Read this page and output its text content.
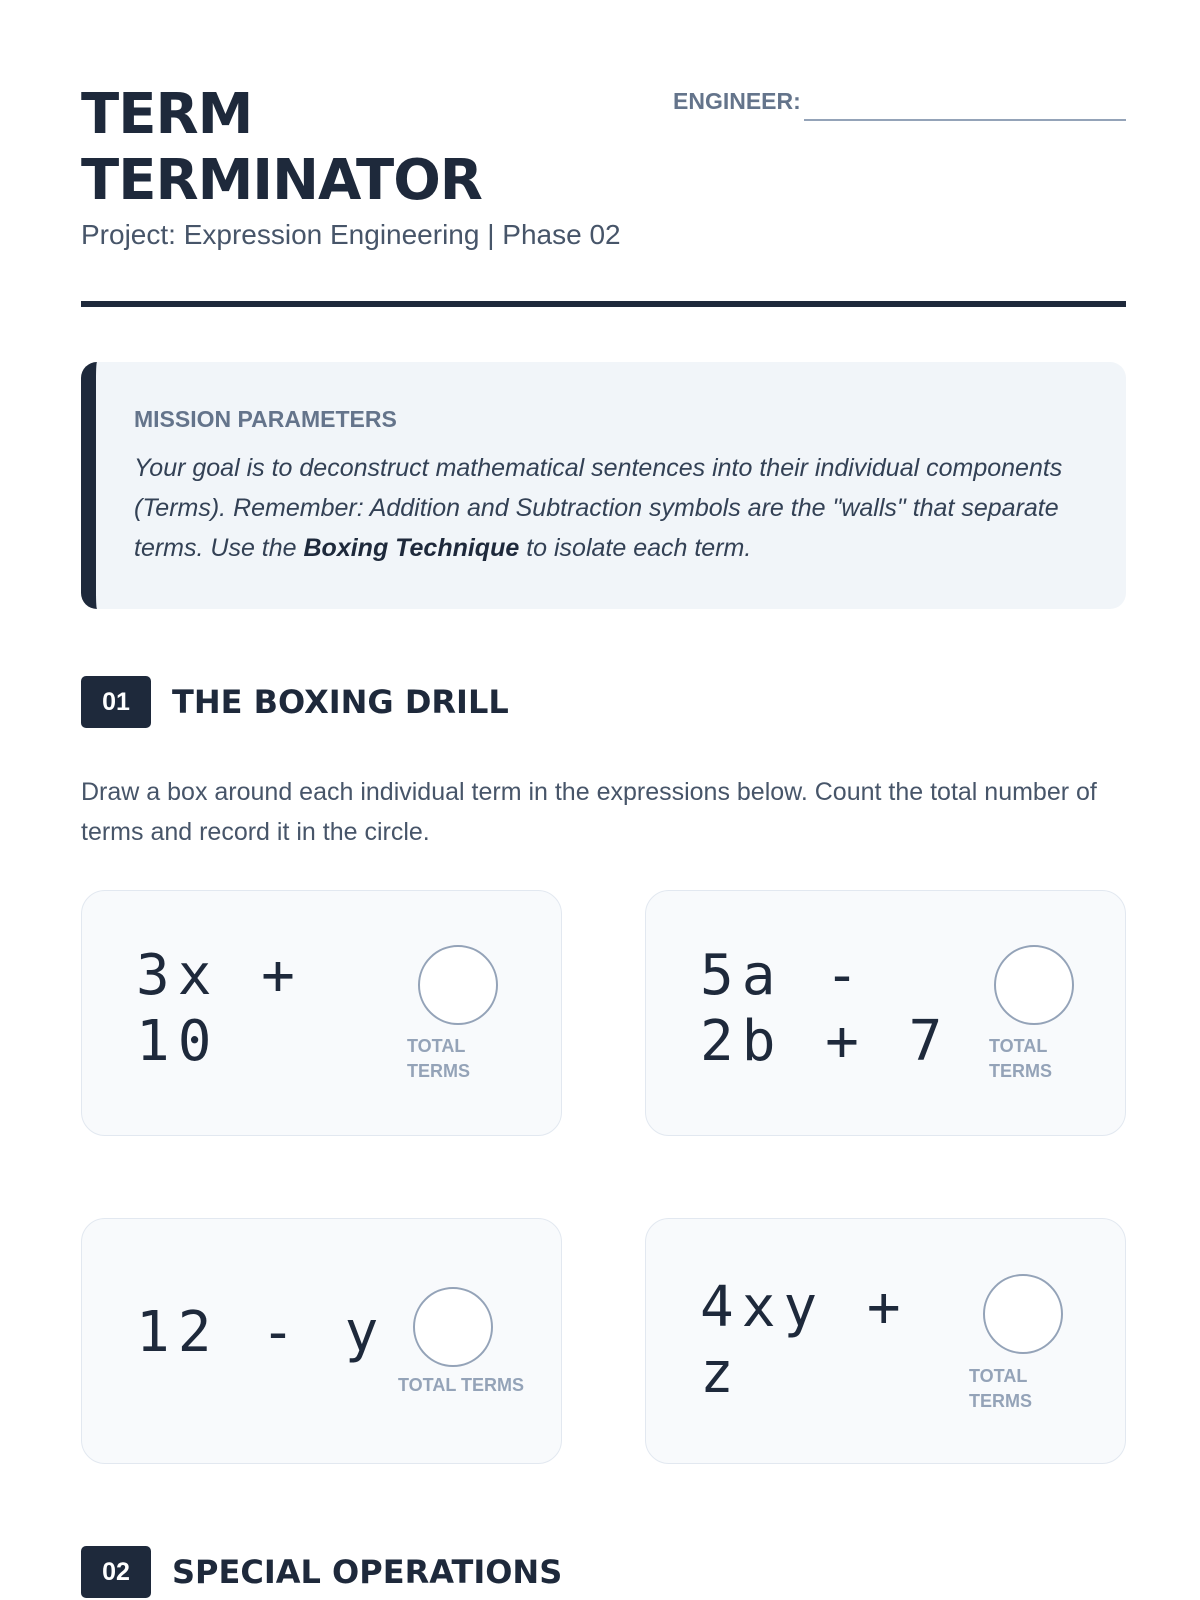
TERM
TERMINATOR
Project: Expression Engineering | Phase 02
ENGINEER:
MISSION PARAMETERS

Your goal is to deconstruct mathematical sentences into their individual components (Terms). Remember: Addition and Subtraction symbols are the "walls" that separate terms. Use the Boxing Technique to isolate each term.

01	THE BOXING DRILL

Draw a box around each individual term in the expressions below. Count the total number of terms and record it in the circle.

3x +
10	TOTAL
TERMS
5a -
2b + 7 TOTAL
TERMS
12 - y
TOTAL TERMS
4xy +
z	TOTAL
TERMS
02	SPECIAL OPERATIONS
